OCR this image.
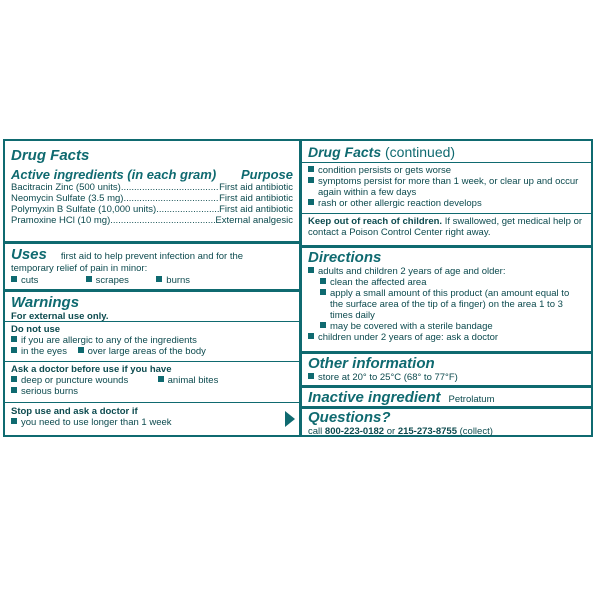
Drug Facts
Active ingredients (in each gram) Purpose
Bacitracin Zinc (500 units) .....	First aid antibiotic
Neomycin Sulfate (3.5 mg) .....	First aid antibiotic
Polymyxin B Sulfate (10,000 units) .....	First aid antibiotic
Pramoxine HCl (10 mg) .....	External analgesic
Uses first aid to help prevent infection and for the
temporary relief of pain in minor:
cuts	scrapes	burns
Warnings
For external use only.
Do not use
if you are allergic to any of the ingredients
in the eyes over large areas of the body
Ask a doctor before use if you have
deep or puncture wounds	animal bites
serious burns
Stop use and ask a doctor if
you need to use longer than 1 week
Drug Facts (continued)
condition persists or gets worse
symptoms persist for more than 1 week, or clear up and occur
again within a few days
rash or other allergic reaction develops
Keep out of reach of children. If swallowed, get medical help or
contact a Poison Control Center right away.
Directions
adults and children 2 years of age and older:
clean the affected area
apply a small amount of this product (an amount equal to
the surface area of the tip of a finger) on the area 1 to 3
times daily
may be covered with a sterile bandage
children under 2 years of age: ask a doctor
Other information
store at 20° to 25°C (68° to 77°F)
Inactive ingredient Petrolatum
Questions?
call 800-223-0182 or 215-273-8755 (collect)
